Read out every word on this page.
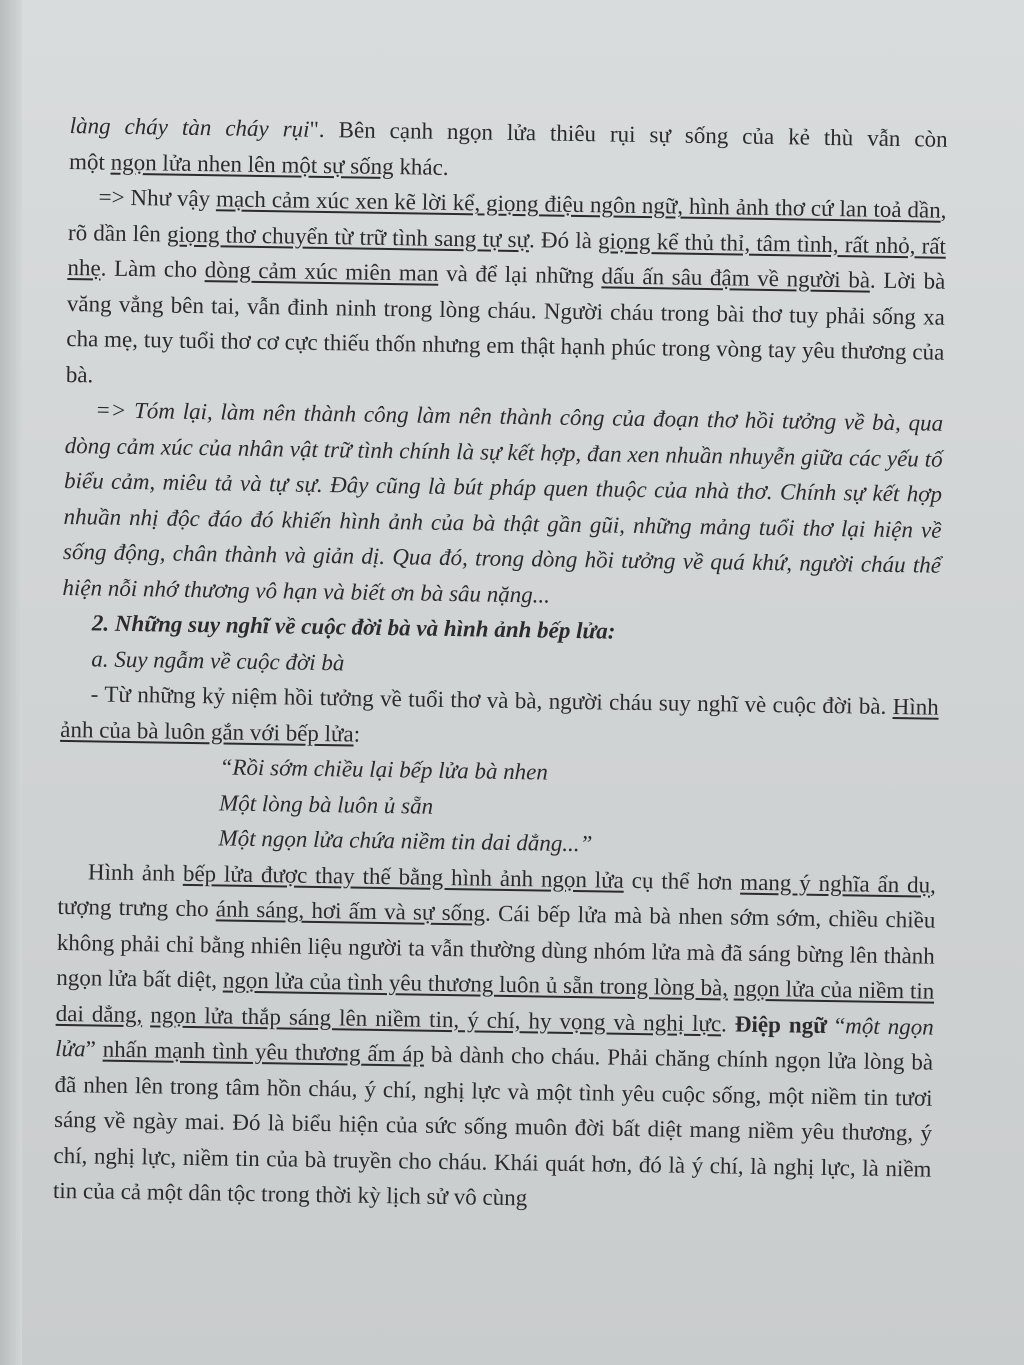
làng cháy tàn cháy rụi". Bên cạnh ngọn lửa thiêu rụi sự sống của kẻ thù vẫn còn

một ngọn lửa nhen lên một sự sống khác.

=> Như vậy mạch cảm xúc xen kẽ lời kể, giọng điệu ngôn ngữ, hình ảnh thơ cứ lan toả dần, rõ dần lên giọng thơ chuyển từ trữ tình sang tự sự. Đó là giọng kể thủ thỉ, tâm tình, rất nhỏ, rất nhẹ. Làm cho dòng cảm xúc miên man và để lại những dấu ấn sâu đậm về người bà. Lời bà văng vẳng bên tai, vẫn đinh ninh trong lòng cháu. Người cháu trong bài thơ tuy phải sống xa cha mẹ, tuy tuổi thơ cơ cực thiếu thốn nhưng em thật hạnh phúc trong vòng tay yêu thương của bà.

=> Tóm lại, làm nên thành công làm nên thành công của đoạn thơ hồi tưởng về bà, qua dòng cảm xúc của nhân vật trữ tình chính là sự kết hợp, đan xen nhuần nhuyễn giữa các yếu tố biểu cảm, miêu tả và tự sự. Đây cũng là bút pháp quen thuộc của nhà thơ. Chính sự kết hợp nhuần nhị độc đáo đó khiến hình ảnh của bà thật gần gũi, những mảng tuổi thơ lại hiện về sống động, chân thành và giản dị. Qua đó, trong dòng hồi tưởng về quá khứ, người cháu thể hiện nỗi nhớ thương vô hạn và biết ơn bà sâu nặng...

2. Những suy nghĩ về cuộc đời bà và hình ảnh bếp lửa:

a. Suy ngẫm về cuộc đời bà

- Từ những kỷ niệm hồi tưởng về tuổi thơ và bà, người cháu suy nghĩ vè cuộc đời bà. Hình ảnh của bà luôn gắn với bếp lửa:

“Rồi sớm chiều lại bếp lửa bà nhen

Một lòng bà luôn ủ sẵn

Một ngọn lửa chứa niềm tin dai dẳng...”

Hình ảnh bếp lửa được thay thế bằng hình ảnh ngọn lửa cụ thể hơn mang ý nghĩa ẩn dụ, tượng trưng cho ánh sáng, hơi ấm và sự sống. Cái bếp lửa mà bà nhen sớm sớm, chiều chiều không phải chỉ bằng nhiên liệu người ta vẫn thường dùng nhóm lửa mà đã sáng bừng lên thành ngọn lửa bất diệt, ngọn lửa của tình yêu thương luôn ủ sẵn trong lòng bà, ngọn lửa của niềm tin dai dẳng, ngọn lửa thắp sáng lên niềm tin, ý chí, hy vọng và nghị lực. Điệp ngữ “một ngọn lửa” nhấn mạnh tình yêu thương ấm áp bà dành cho cháu. Phải chăng chính ngọn lửa lòng bà đã nhen lên trong tâm hồn cháu, ý chí, nghị lực và một tình yêu cuộc sống, một niềm tin tươi sáng về ngày mai. Đó là biểu hiện của sức sống muôn đời bất diệt mang niềm yêu thương, ý chí, nghị lực, niềm tin của bà truyền cho cháu. Khái quát hơn, đó là ý chí, là nghị lực, là niềm tin của cả một dân tộc trong thời kỳ lịch sử vô cùng
